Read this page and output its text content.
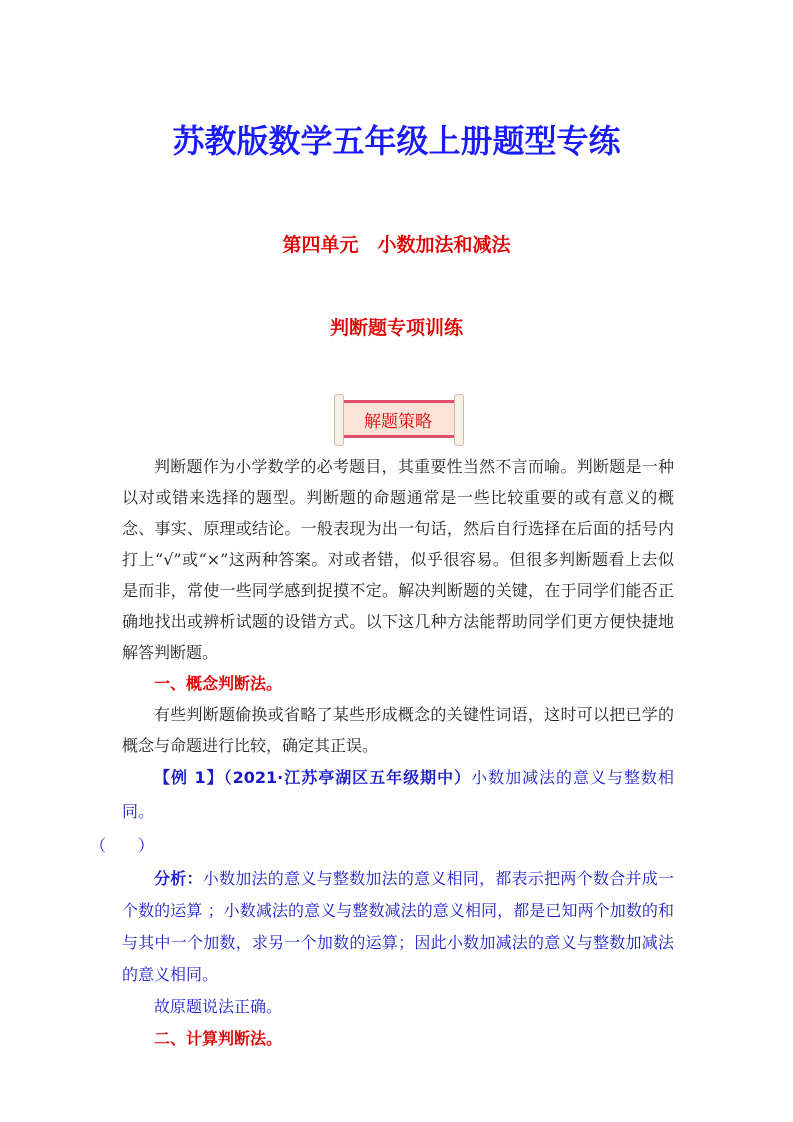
苏教版数学五年级上册题型专练
第四单元　小数加法和减法
判断题专项训练
解题策略

判断题作为小学数学的必考题目，其重要性当然不言而喻。判断题是一种以对或错来选择的题型。判断题的命题通常是一些比较重要的或有意义的概念、事实、原理或结论。一般表现为出一句话，然后自行选择在后面的括号内打上“√”或“×”这两种答案。对或者错，似乎很容易。但很多判断题看上去似是而非，常使一些同学感到捉摸不定。解决判断题的关键，在于同学们能否正确地找出或辨析试题的设错方式。以下这几种方法能帮助同学们更方便快捷地解答判断题。

一、概念判断法。

有些判断题偷换或省略了某些形成概念的关键性词语，这时可以把已学的概念与命题进行比较，确定其正误。

【例 1】（2021·江苏亭湖区五年级期中）小数加减法的意义与整数相同。
（　　）

分析：小数加法的意义与整数加法的意义相同，都表示把两个数合并成一个数的运算 ；小数减法的意义与整数减法的意义相同，都是已知两个加数的和与其中一个加数，求另一个加数的运算；因此小数加减法的意义与整数加减法的意义相同。

故原题说法正确。

二、计算判断法。
